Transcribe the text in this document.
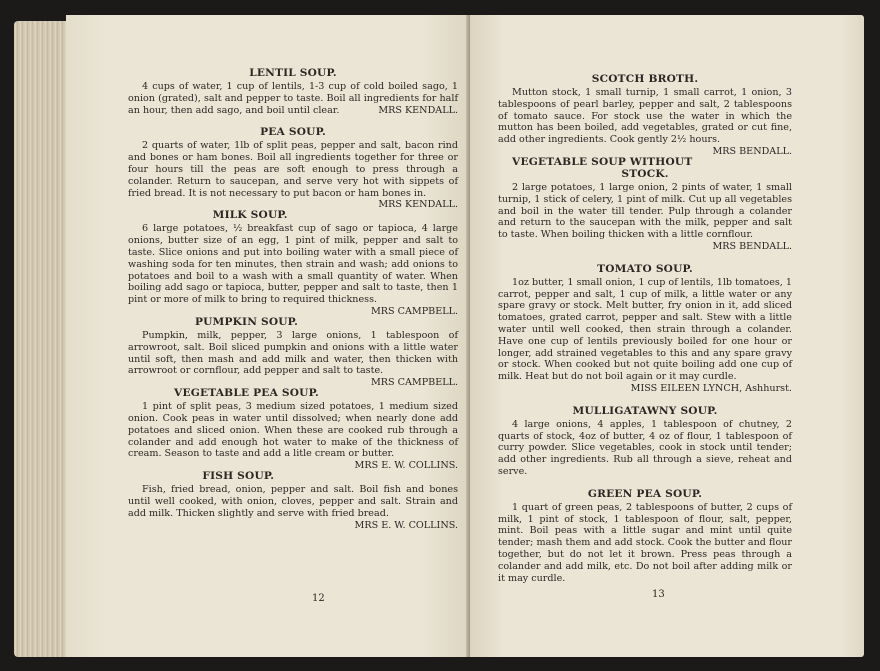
LENTIL SOUP.

4 cups of water, 1 cup of lentils, 1-3 cup of cold boiled sago, 1 onion (grated), salt and pepper to taste. Boil all ingredients for half an hour, then add sago, and boil until clear.	MRS KENDALL.

PEA SOUP.

2 quarts of water, 1lb of split peas, pepper and salt, bacon rind and bones or ham bones. Boil all ingredients together for three or four hours till the peas are soft enough to press through a colander. Return to saucepan, and serve very hot with sippets of fried bread. It is not necessary to put bacon or ham bones in.
MRS KENDALL.

MILK SOUP.

6 large potatoes, ½ breakfast cup of sago or tapioca, 4 large onions, butter size of an egg, 1 pint of milk, pepper and salt to taste. Slice onions and put into boiling water with a small piece of washing soda for ten minutes, then strain and wash; add onions to potatoes and boil to a wash with a small quantity of water. When boiling add sago or tapioca, butter, pepper and salt to taste, then 1 pint or more of milk to bring to required thickness.
MRS CAMPBELL.

PUMPKIN SOUP.

Pumpkin, milk, pepper, 3 large onions, 1 tablespoon of arrowroot, salt. Boil sliced pumpkin and onions with a little water until soft, then mash and add milk and water, then thicken with arrowroot or cornflour, add pepper and salt to taste.
MRS CAMPBELL.

VEGETABLE PEA SOUP.

1 pint of split peas, 3 medium sized potatoes, 1 medium sized onion. Cook peas in water until dissolved; when nearly done add potatoes and sliced onion. When these are cooked rub through a colander and add enough hot water to make of the thickness of cream. Season to taste and add a litle cream or butter.
MRS E. W. COLLINS.

FISH SOUP.

Fish, fried bread, onion, pepper and salt. Boil fish and bones until well cooked, with onion, cloves, pepper and salt. Strain and add milk. Thicken slightly and serve with fried bread.
MRS E. W. COLLINS.

12

SCOTCH BROTH.

Mutton stock, 1 small turnip, 1 small carrot, 1 onion, 3 tablespoons of pearl barley, pepper and salt, 2 tablespoons of tomato sauce. For stock use the water in which the mutton has been boiled, add vegetables, grated or cut fine, add other ingredients. Cook gently 2½ hours.
MRS BENDALL.

VEGETABLE SOUP WITHOUT STOCK.

2 large potatoes, 1 large onion, 2 pints of water, 1 small turnip, 1 stick of celery, 1 pint of milk. Cut up all vegetables and boil in the water till tender. Pulp through a colander and return to the saucepan with the milk, pepper and salt to taste. When boiling thicken with a little cornflour.
MRS BENDALL.

TOMATO SOUP.

1oz butter, 1 small onion, 1 cup of lentils, 1lb tomatoes, 1 carrot, pepper and salt, 1 cup of milk, a little water or any spare gravy or stock. Melt butter, fry onion in it, add sliced tomatoes, grated carrot, pepper and salt. Stew with a little water until well cooked, then strain through a colander. Have one cup of lentils previously boiled for one hour or longer, add strained vegetables to this and any spare gravy or stock. When cooked but not quite boiling add one cup of milk. Heat but do not boil again or it may curdle.
MISS EILEEN LYNCH, Ashhurst.

MULLIGATAWNY SOUP.

4 large onions, 4 apples, 1 tablespoon of chutney, 2 quarts of stock, 4oz of butter, 4 oz of flour, 1 tablespoon of curry powder. Slice vegetables, cook in stock until tender; add other ingredients. Rub all through a sieve, reheat and serve.

GREEN PEA SOUP.

1 quart of green peas, 2 tablespoons of butter, 2 cups of milk, 1 pint of stock, 1 tablespoon of flour, salt, pepper, mint. Boil peas with a little sugar and mint until quite tender; mash them and add stock. Cook the butter and flour together, but do not let it brown. Press peas through a colander and add milk, etc. Do not boil after adding milk or it may curdle.

13
